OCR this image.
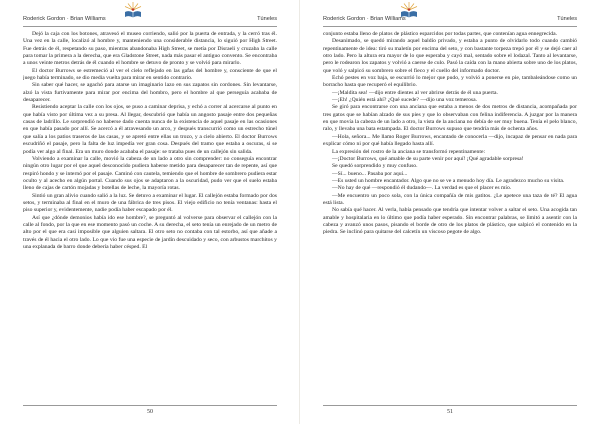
Roderick Gordon · Brian Williams	Túneles

Dejó la caja con los botones, atravesó el museo corriendo, salió por la puerta de entrada, y la cerró tras él. Una vez en la calle, localizó al hombre y, manteniendo una considerable distancia, lo siguió por High Street. Fue detrás de él, respetando su paso, mientras abandonaba High Street, se metía por Disraeli y cruzaba la calle para tomar la primera a la derecha, que era Gladstone Street, nada más pasar el antiguo convento. Se encontraba a unos veinte metros detrás de él cuando el hombre se detuvo de pronto y se volvió para mirarlo.

El doctor Burrows se estremeció al ver el cielo reflejado en las gafas del hombre y, consciente de que el juego había terminado, se dio media vuelta para mirar en sentido contrario.

Sin saber qué hacer, se agachó para atarse un imaginario lazo en sus zapatos sin cordones. Sin levantarse, alzó la vista furtivamente para mirar por encima del hombro, pero el hombre al que perseguía acababa de desaparecer.

Resistiendo aceptar la calle con los ojos, se puso a caminar deprisa, y echó a correr al acercarse al punto en que había visto por última vez a su presa. Al llegar, descubrió que había un angosto pasaje entre dos pequeñas casas de ladrillo. Le sorprendió no haberse dado cuenta nunca de la existencia de aquel pasaje en las ocasiones en que había pasado por allí. Se acercó a él atravesando un arco, y después transcurrió como un estrecho túnel que salía a los patios traseros de las casas, y se apretó entre ellas un trozo, y a cielo abierto. El doctor Burrows escudriñó el pasaje, pero la falta de luz impedía ver gran cosa. Después del tramo que estaba a oscuras, si se podía ver algo al final. Era un muro donde acababa el pasaje: se trataba pues de un callejón sin salida.

Volviendo a examinar la calle, movió la cabeza de un lado a otro sin comprender: no conseguía encontrar ningún otro lugar por el que aquel desconocido pudiera haberse metido para desaparecer tan de repente, así que respiró hondo y se internó por el pasaje. Caminó con cautela, temiendo que el hombre de sombrero pudiera estar oculto y al acecho en algún portal. Cuando sus ojos se adaptaron a la oscuridad, pudo ver que el suelo estaba lleno de cajas de cartón mojadas y botellas de leche, la mayoría rotas.

Sintió un gran alivio cuando salió a la luz. Se detuvo a examinar el lugar. El callejón estaba formado por dos setos, y terminaba al final en el muro de una fábrica de tres pisos. El viejo edificio no tenía ventanas: hasta el piso superior y, evidentemente, nadie podía haber escapado por él.

Así que ¿dónde demonios había ido ese hombre?, se preguntó al volverse para observar el callejón con la calle al fondo, por la que en ese momento pasó un coche. A su derecha, el seto tenía un enrejado de un metro de alto por el que era casi imposible que alguien saltara. El otro seto no contaba con tal estorbo, así que añade a través de él hacia el otro lado. Lo que vio fue una especie de jardín descuidado y seco, con arbustos marchitos y una explanada de barro donde debería haber césped. El

50
Roderick Gordon · Brian Williams	Túneles

conjunto estaba lleno de platos de plástico esparcidos por todas partes, que contenían agua ennegrecida.

Desanimado, se quedó mirando aquel baldío privado, y estaba a punto de olvidarlo todo cuando cambió repentinamente de idea: tiró su maletín por encima del seto, y con bastante torpeza trepó por él y se dejó caer al otro lado. Pero la altura era mayor de lo que esperaba y cayó mal, sentado sobre el lodazal. Tanto al levantarse, pero le rodearon los zapatos y volvió a caerse de culo. Pasó la caída con la mano abierta sobre uno de los platos, que voló y salpicó su sombrero sobre el fieco y el cuello del informado doctor.

Echó pestes en voz baja, se escurrió lo mejor que pudo, y volvió a ponerse en pie, tambaleándose como un borracho hasta que recuperó el equilibrio.

—¡Maldita sea! —dijo entre dientes al ver abrirse detrás de él una puerta.

—¡Eh! ¿Quién está ahí? ¿Qué sucede? —dijo una voz temerosa.

Se giró para encontrarse con una anciana que estaba a menos de dos metros de distancia, acompañada por tres gatos que se habían alzado de sus pies y que lo observaban con felina indiferencia. A juzgar por la manera en que movía la cabeza de un lado a otro, la vista de la anciana no debía de ser muy buena. Tenía el pelo blanco, ralo, y llevaba una bata estampada. El doctor Burrows supuso que tendría más de ochenta años.

—Hola, señora... Me llamo Roger Burrows, encantado de conocerla —dijo, incapaz de pensar en nada para explicar cómo ni por qué había llegado hasta allí.

La expresión del rostro de la anciana se transformó repentinamente:

—¡Doctor Burrows, qué amable de su parte venir por aquí! ¡Qué agradable sorpresa!

Se quedó sorprendido y muy confuso.

—Sí... bueno... Pasaba por aquí...

—Es usted un hombre encantador. Algo que no se ve a menudo hoy día. Le agradezco mucho su visita.

—No hay de qué —respondió él dudando—. La verdad es que el placer es mío.

—Me encuentro un poco sola, con la única compañía de mis gatitos. ¿Le apetece una taza de té? El agua está lista.

No sabía qué hacer. Al verla, había pensado que tendría que intentar volver a saltar el seto. Una acogida tan amable y hospitalaria en lo último que podía haber esperado. Sin encontrar palabras, se limitó a asentir con la cabeza y avanzó unos pasos, pisando el borde de otro de los platos de plástico, que salpicó el contenido en la piedra. Se inclinó para quitarse del calcetín un viscoso pegote de algo.

51
